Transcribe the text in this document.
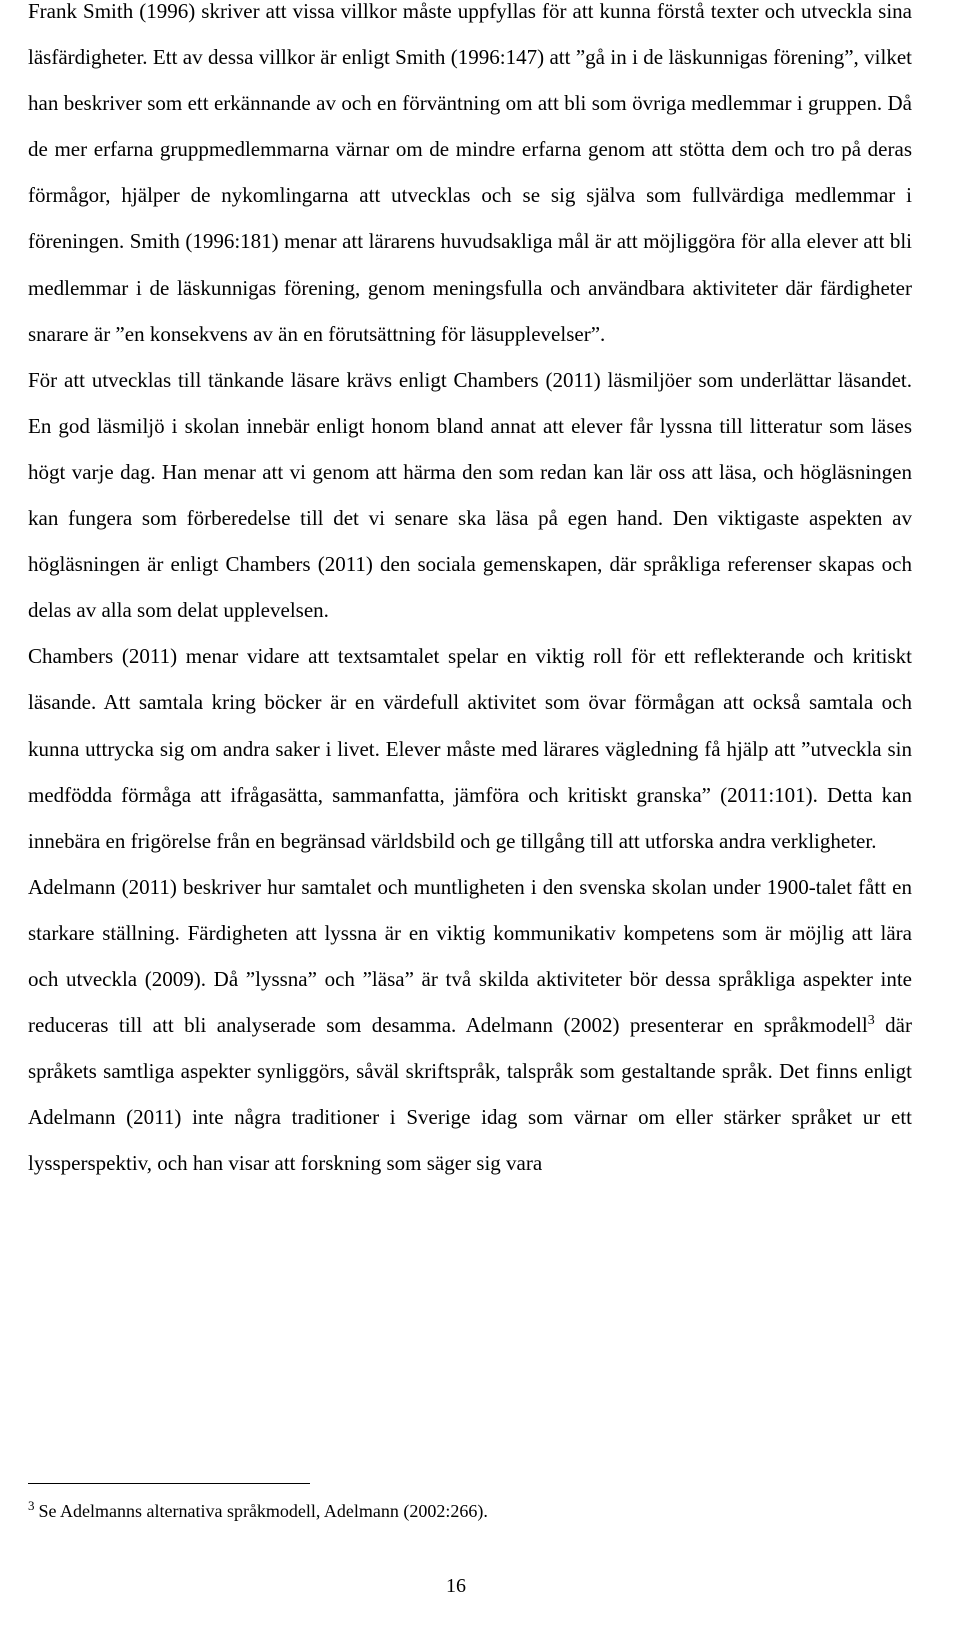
Frank Smith (1996) skriver att vissa villkor måste uppfyllas för att kunna förstå texter och utveckla sina läsfärdigheter. Ett av dessa villkor är enligt Smith (1996:147) att ”gå in i de läskunnigas förening”, vilket han beskriver som ett erkännande av och en förväntning om att bli som övriga medlemmar i gruppen. Då de mer erfarna gruppmedlemmarna värnar om de mindre erfarna genom att stötta dem och tro på deras förmågor, hjälper de nykomlingarna att utvecklas och se sig själva som fullvärdiga medlemmar i föreningen. Smith (1996:181) menar att lärarens huvudsakliga mål är att möjliggöra för alla elever att bli medlemmar i de läskunnigas förening, genom meningsfulla och användbara aktiviteter där färdigheter snarare är ”en konsekvens av än en förutsättning för läsupplevelser”.

För att utvecklas till tänkande läsare krävs enligt Chambers (2011) läsmiljöer som underlättar läsandet. En god läsmiljö i skolan innebär enligt honom bland annat att elever får lyssna till litteratur som läses högt varje dag. Han menar att vi genom att härma den som redan kan lär oss att läsa, och högläsningen kan fungera som förberedelse till det vi senare ska läsa på egen hand. Den viktigaste aspekten av högläsningen är enligt Chambers (2011) den sociala gemenskapen, där språkliga referenser skapas och delas av alla som delat upplevelsen.

Chambers (2011) menar vidare att textsamtalet spelar en viktig roll för ett reflekterande och kritiskt läsande. Att samtala kring böcker är en värdefull aktivitet som övar förmågan att också samtala och kunna uttrycka sig om andra saker i livet. Elever måste med lärares vägledning få hjälp att ”utveckla sin medfödda förmåga att ifrågasätta, sammanfatta, jämföra och kritiskt granska” (2011:101). Detta kan innebära en frigörelse från en begränsad världsbild och ge tillgång till att utforska andra verkligheter.

Adelmann (2011) beskriver hur samtalet och muntligheten i den svenska skolan under 1900-talet fått en starkare ställning. Färdigheten att lyssna är en viktig kommunikativ kompetens som är möjlig att lära och utveckla (2009). Då ”lyssna” och ”läsa” är två skilda aktiviteter bör dessa språkliga aspekter inte reduceras till att bli analyserade som desamma. Adelmann (2002) presenterar en språkmodell$^3$ där språkets samtliga aspekter synliggörs, såväl skriftspråk, talspråk som gestaltande språk. Det finns enligt Adelmann (2011) inte några traditioner i Sverige idag som värnar om eller stärker språket ur ett lyssperspektiv, och han visar att forskning som säger sig vara

$^3$ Se Adelmanns alternativa språkmodell, Adelmann (2002:266).
16
